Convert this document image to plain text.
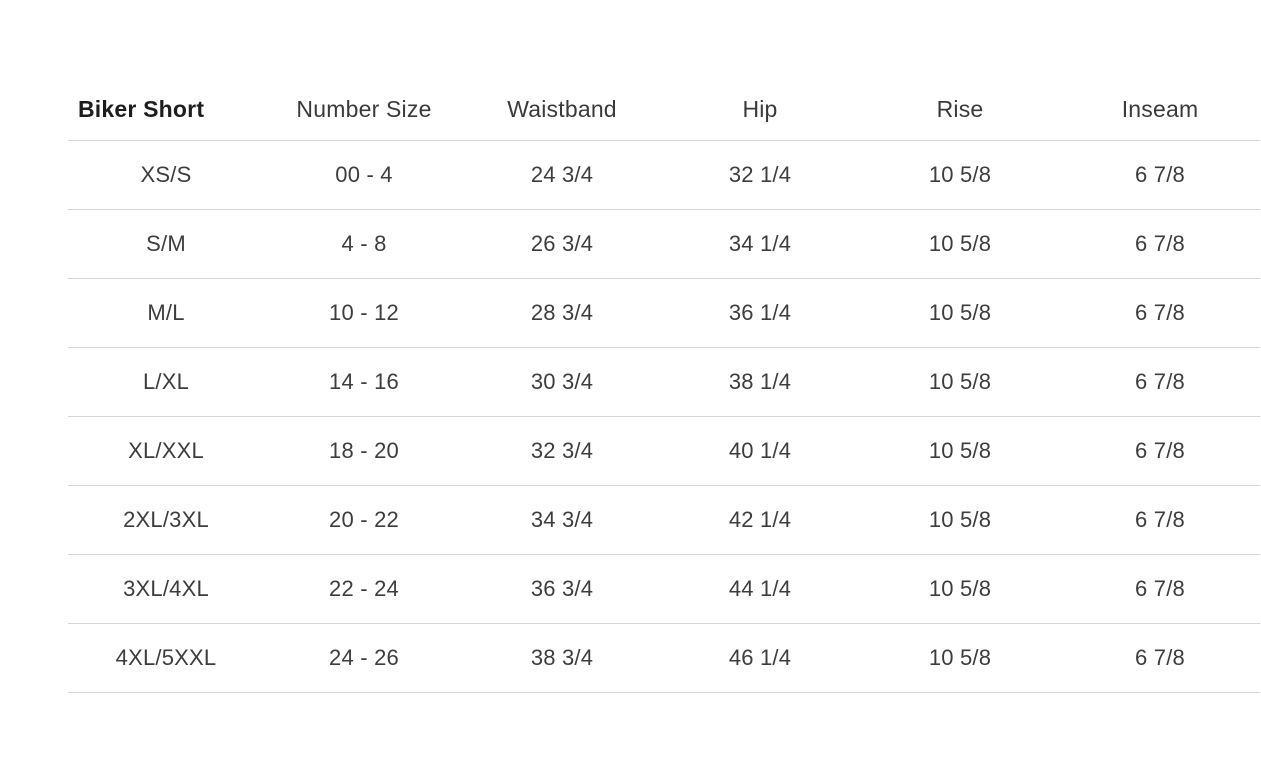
Biker Short	Number Size	Waistband	Hip	Rise	Inseam
XS/S	00 - 4	24 3/4	32 1/4	10 5/8	6 7/8
S/M	4 - 8	26 3/4	34 1/4	10 5/8	6 7/8
M/L	10 - 12	28 3/4	36 1/4	10 5/8	6 7/8
L/XL	14 - 16	30 3/4	38 1/4	10 5/8	6 7/8
XL/XXL	18 - 20	32 3/4	40 1/4	10 5/8	6 7/8
2XL/3XL	20 - 22	34 3/4	42 1/4	10 5/8	6 7/8
3XL/4XL	22 - 24	36 3/4	44 1/4	10 5/8	6 7/8
4XL/5XXL	24 - 26	38 3/4	46 1/4	10 5/8	6 7/8
